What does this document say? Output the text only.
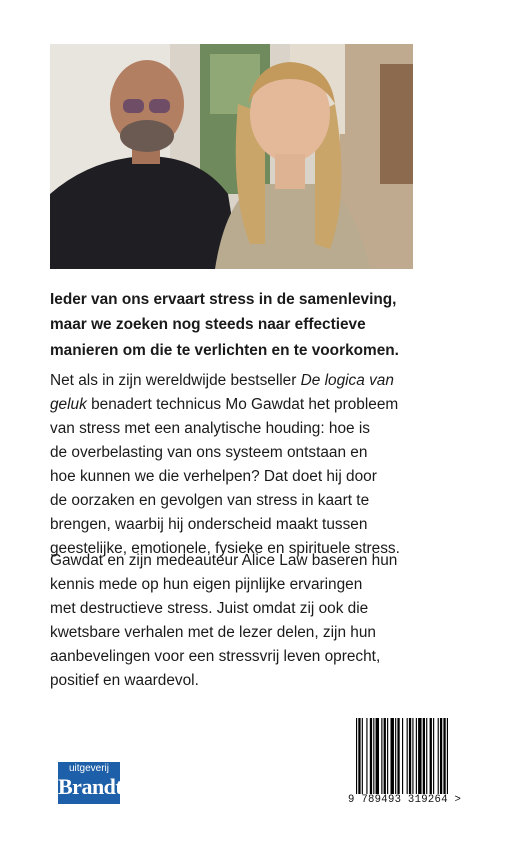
Ieder van ons ervaart stress in de samenleving,
maar we zoeken nog steeds naar effectieve
manieren om die te verlichten en te voorkomen.
Net als in zijn wereldwijde bestseller De logica van
geluk benadert technicus Mo Gawdat het probleem
van stress met een analytische houding: hoe is
de overbelasting van ons systeem ontstaan en
hoe kunnen we die verhelpen? Dat doet hij door
de oorzaken en gevolgen van stress in kaart te
brengen, waarbij hij onderscheid maakt tussen
geestelijke, emotionele, fysieke en spirituele stress.
Gawdat en zijn medeauteur Alice Law baseren hun
kennis mede op hun eigen pijnlijke ervaringen
met destructieve stress. Juist omdat zij ook die
kwetsbare verhalen met de lezer delen, zijn hun
aanbevelingen voor een stressvrij leven oprecht,
positief en waardevol.
uitgeverij
Brandt
9 789493 319264 >
